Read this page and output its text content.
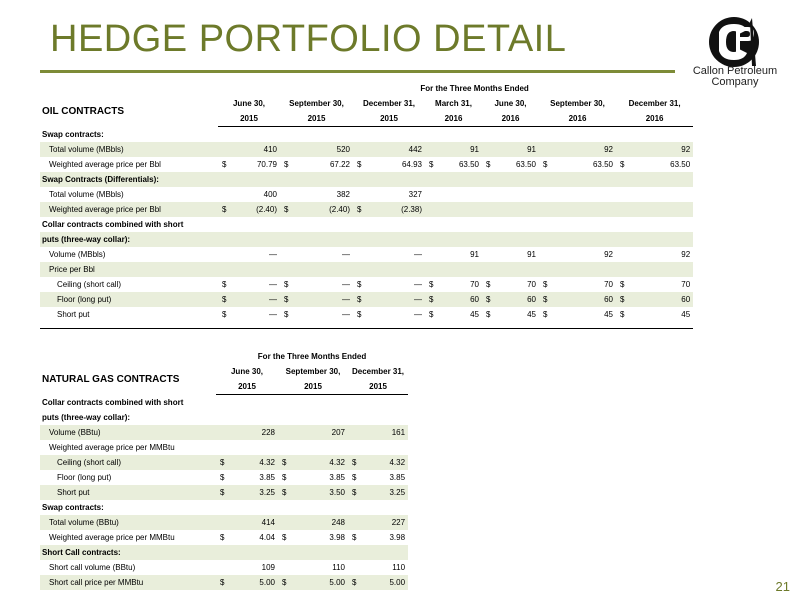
HEDGE PORTFOLIO DETAIL
Callon Petroleum
Company
	For the Three Months Ended													
OIL CONTRACTS	June 30,		September 30,		December 31,		March 31,		June 30,		September 30,		December 31,	
	2015		2015		2015		2016		2016		2016		2016	
Swap contracts:														
Total volume (MBbls)		410		520		442		91		91		92		92
Weighted average price per Bbl	$	70.79	$	67.22	$	64.93	$	63.50	$	63.50	$	63.50	$	63.50
Swap Contracts (Differentials):														
Total volume (MBbls)		400		382		327								
Weighted average price per Bbl	$	(2.40)	$	(2.40)	$	(2.38)								
Collar contracts combined with short														
puts (three-way collar):														
Volume (MBbls)		—		—		—		91		91		92		92
Price per Bbl														
Ceiling (short call)	$	—	$	—	$	—	$	70	$	70	$	70	$	70
Floor (long put)	$	—	$	—	$	—	$	60	$	60	$	60	$	60
Short put	$	—	$	—	$	—	$	45	$	45	$	45	$	45

	For the Three Months Ended					
NATURAL GAS CONTRACTS	June 30,		September 30,		December 31,	
	2015		2015		2015	
Collar contracts combined with short						
puts (three-way collar):						
Volume (BBtu)		228		207		161
Weighted average price per MMBtu						
Ceiling (short call)	$	4.32	$	4.32	$	4.32
Floor (long put)	$	3.85	$	3.85	$	3.85
Short put	$	3.25	$	3.50	$	3.25
Swap contracts:						
Total volume (BBtu)		414		248		227
Weighted average price per MMBtu	$	4.04	$	3.98	$	3.98
Short Call contracts:						
Short call volume (BBtu)		109		110		110
Short call price per MMBtu	$	5.00	$	5.00	$	5.00	21
